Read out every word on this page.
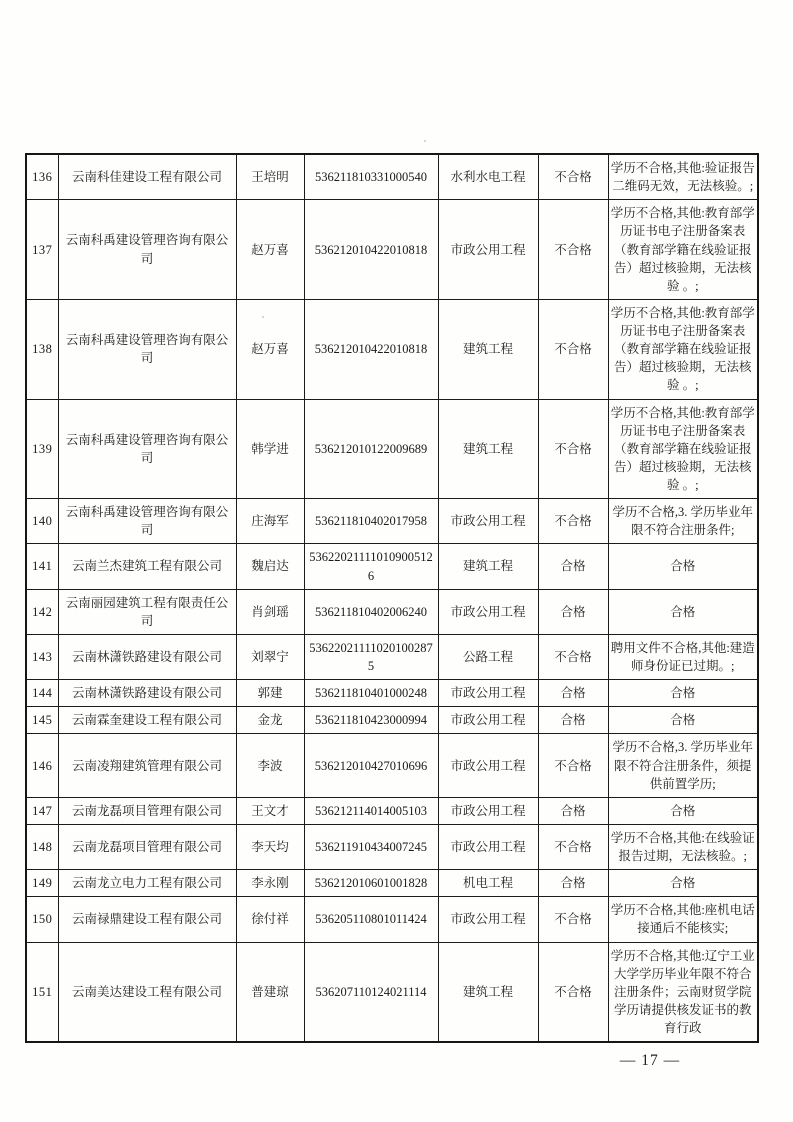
136	云南科佳建设工程有限公司	王培明	536211810331000540	水利水电工程	不合格	学历不合格,其他:验证报告二维码无效，无法核验。;
137	云南科禹建设管理咨询有限公司	赵万喜	536212010422010818	市政公用工程	不合格	学历不合格,其他:教育部学历证书电子注册备案表（教育部学籍在线验证报告）超过核验期，无法核验 。;
138	云南科禹建设管理咨询有限公司	赵万喜	536212010422010818	建筑工程	不合格	学历不合格,其他:教育部学历证书电子注册备案表（教育部学籍在线验证报告）超过核验期，无法核验 。;
139	云南科禹建设管理咨询有限公司	韩学进	536212010122009689	建筑工程	不合格	学历不合格,其他:教育部学历证书电子注册备案表（教育部学籍在线验证报告）超过核验期，无法核验 。;
140	云南科禹建设管理咨询有限公司	庄海军	536211810402017958	市政公用工程	不合格	学历不合格,3. 学历毕业年限不符合注册条件;
141	云南兰杰建筑工程有限公司	魏启达	536220211110109005126	建筑工程	合格	合格
142	云南丽园建筑工程有限责任公司	肖剑瑶	536211810402006240	市政公用工程	合格	合格
143	云南林潇铁路建设有限公司	刘翠宁	536220211110201002875	公路工程	不合格	聘用文件不合格,其他:建造师身份证已过期。;
144	云南林潇铁路建设有限公司	郭建	536211810401000248	市政公用工程	合格	合格
145	云南霖奎建设工程有限公司	金龙	536211810423000994	市政公用工程	合格	合格
146	云南凌翔建筑管理有限公司	李波	536212010427010696	市政公用工程	不合格	学历不合格,3. 学历毕业年限不符合注册条件，须提供前置学历;
147	云南龙磊项目管理有限公司	王文才	536212114014005103	市政公用工程	合格	合格
148	云南龙磊项目管理有限公司	李天均	536211910434007245	市政公用工程	不合格	学历不合格,其他:在线验证报告过期，无法核验。;
149	云南龙立电力工程有限公司	李永刚	536212010601001828	机电工程	合格	合格
150	云南禄鼎建设工程有限公司	徐付祥	536205110801011424	市政公用工程	不合格	学历不合格,其他:座机电话接通后不能核实;
151	云南美达建设工程有限公司	普建琼	536207110124021114	建筑工程	不合格	学历不合格,其他:辽宁工业大学学历毕业年限不符合注册条件；云南财贸学院学历请提供核发证书的教育行政
— 17 —
